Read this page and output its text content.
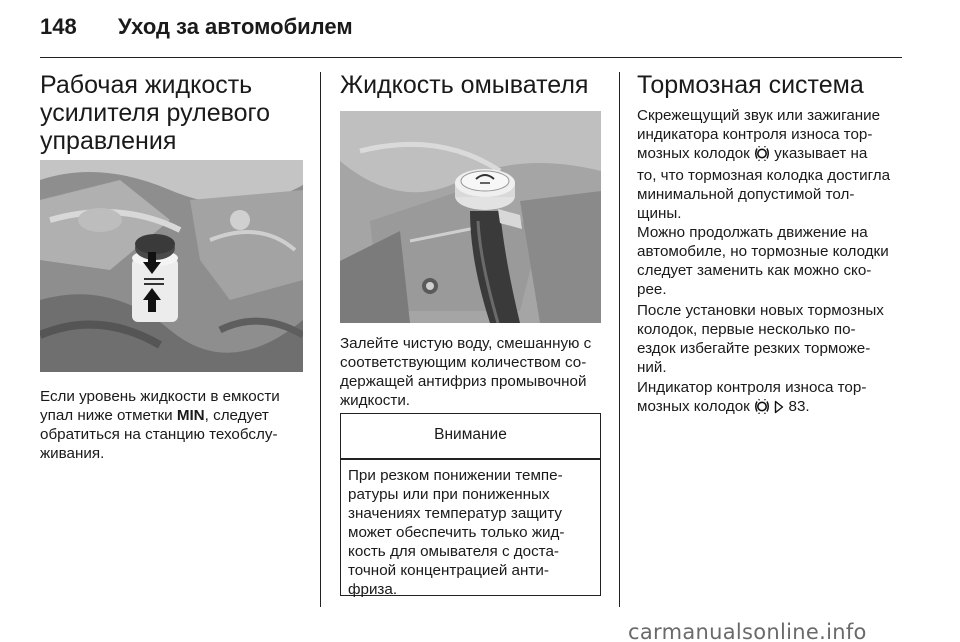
148 Уход за автомобилем
Рабочая жидкость
усилителя рулевого
управления
Если уровень жидкости в емкости
упал ниже отметки MIN, следует
обратиться на станцию техобслу-
живания.
Жидкость омывателя
Залейте чистую воду, смешанную с
соответствующим количеством со-
держащей антифриз промывочной
жидкости.
Внимание
При резком понижении темпе-
ратуры или при пониженных
значениях температур защиту
может обеспечить только жид-
кость для омывателя с доста-
точной концентрацией анти-
фриза.
Тормозная система
Скрежещущий звук или зажигание
индикатора контроля износа тор-
мозных колодок  указывает на
то, что тормозная колодка достигла
минимальной допустимой тол-
щины.
Можно продолжать движение на
автомобиле, но тормозные колодки
следует заменить как можно ско-
рее.
После установки новых тормозных
колодок, первые несколько по-
ездок избегайте резких торможе-
ний.
Индикатор контроля износа тор-
мозных колодок   83.
carmanualsonline.info
